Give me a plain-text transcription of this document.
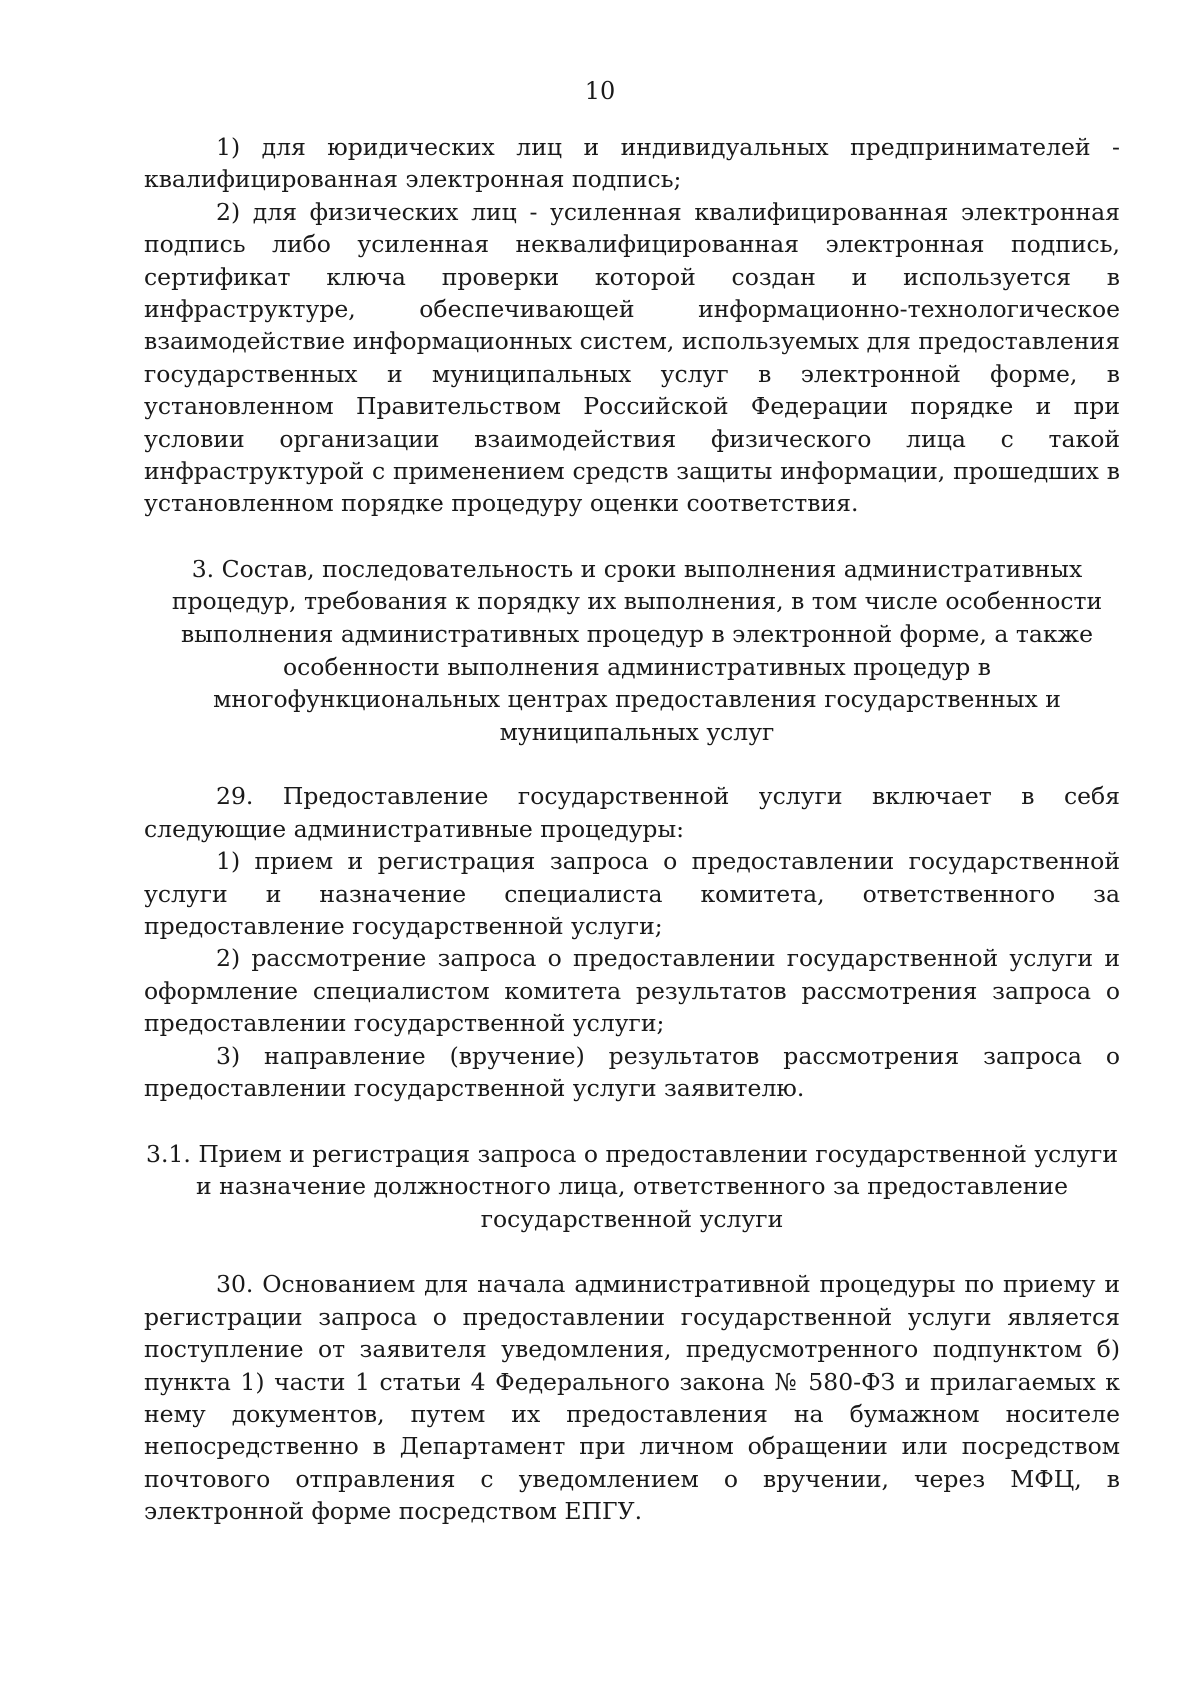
10

1) для юридических лиц и индивидуальных предпринимателей - квалифицированная электронная подпись;

2) для физических лиц - усиленная квалифицированная электронная подпись либо усиленная неквалифицированная электронная подпись, сертификат ключа проверки которой создан и используется в инфраструктуре, обеспечивающей информационно-технологическое взаимодействие информационных систем, используемых для предоставления государственных и муниципальных услуг в электронной форме, в установленном Правительством Российской Федерации порядке и при условии организации взаимодействия физического лица с такой инфраструктурой с применением средств защиты информации, прошедших в установленном порядке процедуру оценки соответствия.

3. Состав, последовательность и сроки выполнения административных процедур, требования к порядку их выполнения, в том числе особенности выполнения административных процедур в электронной форме, а также особенности выполнения административных процедур в многофункциональных центрах предоставления государственных и муниципальных услуг

29. Предоставление государственной услуги включает в себя следующие административные процедуры:

1) прием и регистрация запроса о предоставлении государственной услуги и назначение специалиста комитета, ответственного за предоставление государственной услуги;

2) рассмотрение запроса о предоставлении государственной услуги и оформление специалистом комитета результатов рассмотрения запроса о предоставлении государственной услуги;

3) направление (вручение) результатов рассмотрения запроса о предоставлении государственной услуги заявителю.

3.1. Прием и регистрация запроса о предоставлении государственной услуги и назначение должностного лица, ответственного за предоставление государственной услуги

30. Основанием для начала административной процедуры по приему и регистрации запроса о предоставлении государственной услуги является поступление от заявителя уведомления, предусмотренного подпунктом б) пункта 1) части 1 статьи 4 Федерального закона № 580-ФЗ и прилагаемых к нему документов, путем их предоставления на бумажном носителе непосредственно в Департамент при личном обращении или посредством почтового отправления с уведомлением о вручении, через МФЦ, в электронной форме посредством ЕПГУ.
